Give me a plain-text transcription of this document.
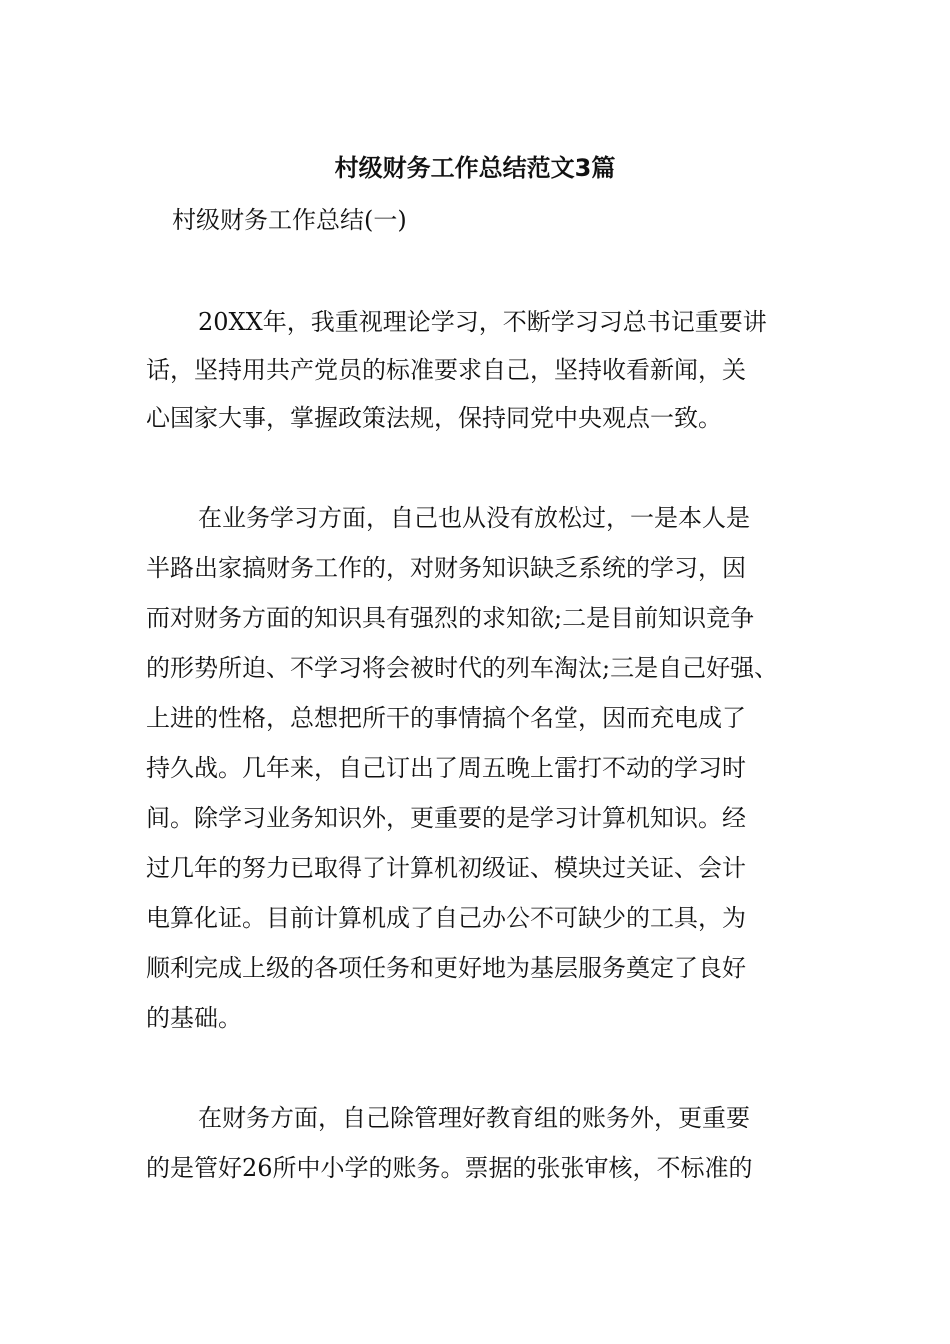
村级财务工作总结范文3篇
村级财务工作总结(一)
20XX年，我重视理论学习，不断学习习总书记重要讲
话，坚持用共产党员的标准要求自己，坚持收看新闻，关
心国家大事，掌握政策法规，保持同党中央观点一致。
在业务学习方面，自己也从没有放松过，一是本人是
半路出家搞财务工作的，对财务知识缺乏系统的学习，因
而对财务方面的知识具有强烈的求知欲;二是目前知识竞争
的形势所迫、不学习将会被时代的列车淘汰;三是自己好强、
上进的性格，总想把所干的事情搞个名堂，因而充电成了
持久战。几年来，自己订出了周五晚上雷打不动的学习时
间。除学习业务知识外，更重要的是学习计算机知识。经
过几年的努力已取得了计算机初级证、模块过关证、会计
电算化证。目前计算机成了自己办公不可缺少的工具，为
顺利完成上级的各项任务和更好地为基层服务奠定了良好
的基础。
在财务方面，自己除管理好教育组的账务外，更重要
的是管好26所中小学的账务。票据的张张审核，不标准的
